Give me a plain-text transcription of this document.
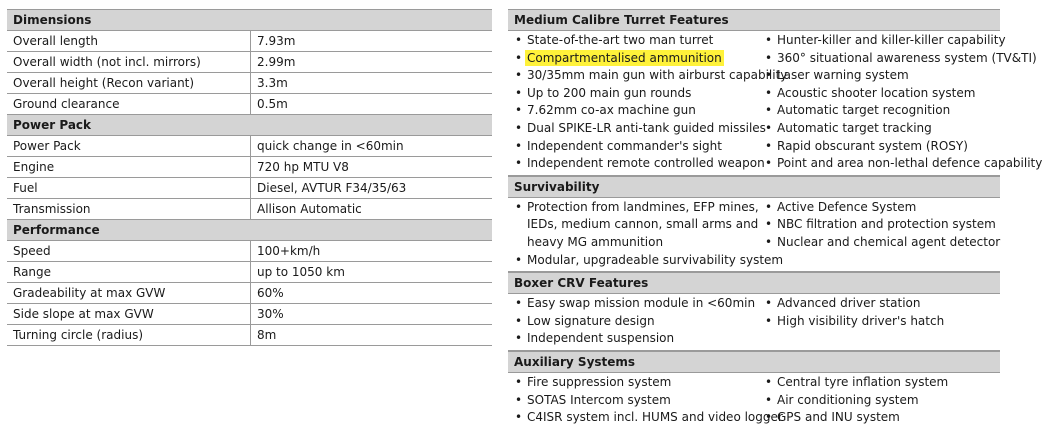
Dimensions	
Overall length	7.93m
Overall width (not incl. mirrors)	2.99m
Overall height (Recon variant)	3.3m
Ground clearance	0.5m
Power Pack	
Power Pack	quick change in <60min
Engine	720 hp MTU V8
Fuel	Diesel, AVTUR F34/35/63
Transmission	Allison Automatic
Performance	
Speed	100+km/h
Range	up to 1050 km
Gradeability at max GVW	60%
Side slope at max GVW	30%
Turning circle (radius)	8m
Medium Calibre Turret Features
• State-of-the-art two man turret
• Compartmentalised ammunition
• 30/35mm main gun with airburst capability
• Up to 200 main gun rounds
• 7.62mm co-ax machine gun
• Dual SPIKE-LR anti-tank guided missiles
• Independent commander's sight
• Independent remote controlled weapon
• Hunter-killer and killer-killer capability
• 360° situational awareness system (TV&TI)
• Laser warning system
• Acoustic shooter location system
• Automatic target recognition
• Automatic target tracking
• Rapid obscurant system (ROSY)
• Point and area non-lethal defence capability
Survivability
• Protection from landmines, EFP mines,
IEDs, medium cannon, small arms and
heavy MG ammunition
• Modular, upgradeable survivability system
• Active Defence System
• NBC filtration and protection system
• Nuclear and chemical agent detector
Boxer CRV Features
• Easy swap mission module in <60min
• Low signature design
• Independent suspension
• Advanced driver station
• High visibility driver's hatch
Auxiliary Systems
• Fire suppression system
• SOTAS Intercom system
• C4ISR system incl. HUMS and video logger
• Central tyre inflation system
• Air conditioning system
• GPS and INU system
